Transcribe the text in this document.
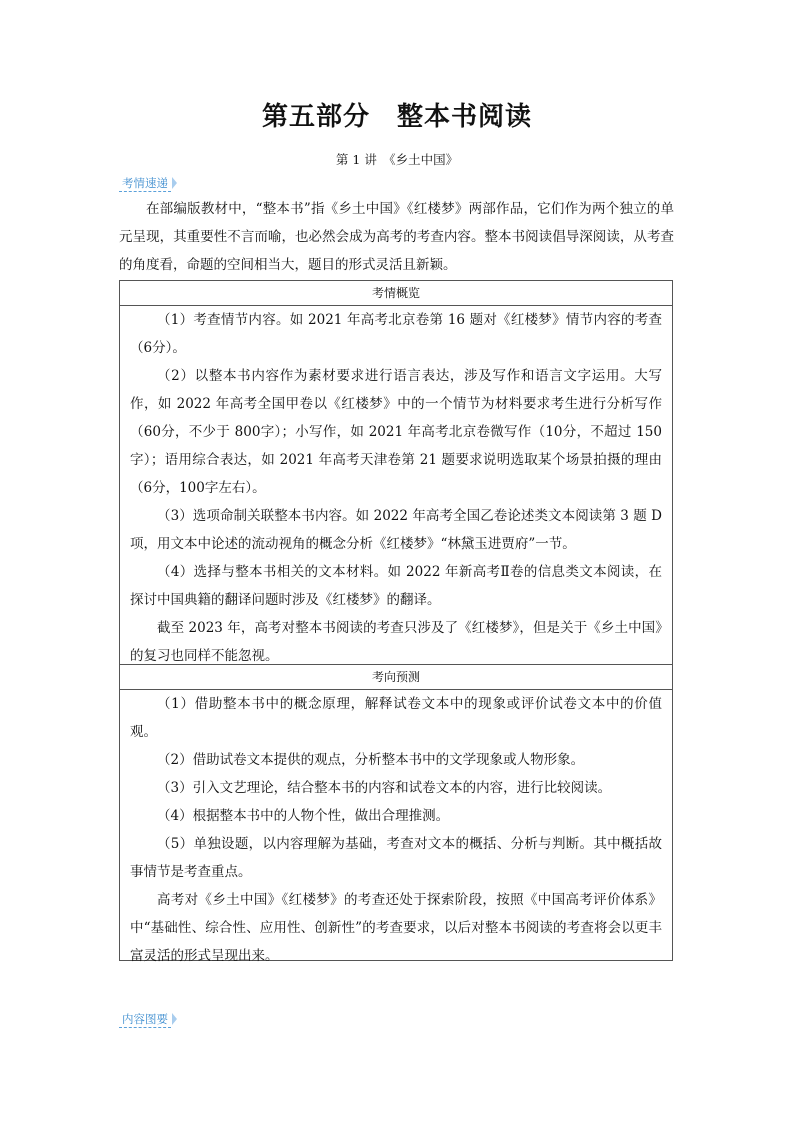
第五部分　整本书阅读
第 1 讲　《乡土中国》
考情速递

在部编版教材中，“整本书”指《乡土中国》《红楼梦》两部作品，它们作为两个独立的单元呈现，其重要性不言而喻，也必然会成为高考的考查内容。整本书阅读倡导深阅读，从考查的角度看，命题的空间相当大，题目的形式灵活且新颖。

考情概览

（1）考查情节内容。如 2021 年高考北京卷第 16 题对《红楼梦》情节内容的考查（6分）。

（2）以整本书内容作为素材要求进行语言表达，涉及写作和语言文字运用。大写作，如 2022 年高考全国甲卷以《红楼梦》中的一个情节为材料要求考生进行分析写作（60分，不少于 800字）；小写作，如 2021 年高考北京卷微写作（10分，不超过 150字）；语用综合表达，如 2021 年高考天津卷第 21 题要求说明选取某个场景拍摄的理由（6分，100字左右）。

（3）选项命制关联整本书内容。如 2022 年高考全国乙卷论述类文本阅读第 3 题 D 项，用文本中论述的流动视角的概念分析《红楼梦》“林黛玉进贾府”一节。

（4）选择与整本书相关的文本材料。如 2022 年新高考Ⅱ卷的信息类文本阅读，在探讨中国典籍的翻译问题时涉及《红楼梦》的翻译。

截至 2023 年，高考对整本书阅读的考查只涉及了《红楼梦》，但是关于《乡土中国》的复习也同样不能忽视。

考向预测

（1）借助整本书中的概念原理，解释试卷文本中的现象或评价试卷文本中的价值观。

（2）借助试卷文本提供的观点，分析整本书中的文学现象或人物形象。

（3）引入文艺理论，结合整本书的内容和试卷文本的内容，进行比较阅读。

（4）根据整本书中的人物个性，做出合理推测。

（5）单独设题，以内容理解为基础，考查对文本的概括、分析与判断。其中概括故事情节是考查重点。

高考对《乡土中国》《红楼梦》的考查还处于探索阶段，按照《中国高考评价体系》中“基础性、综合性、应用性、创新性”的考查要求，以后对整本书阅读的考查将会以更丰富灵活的形式呈现出来。

内容图要
